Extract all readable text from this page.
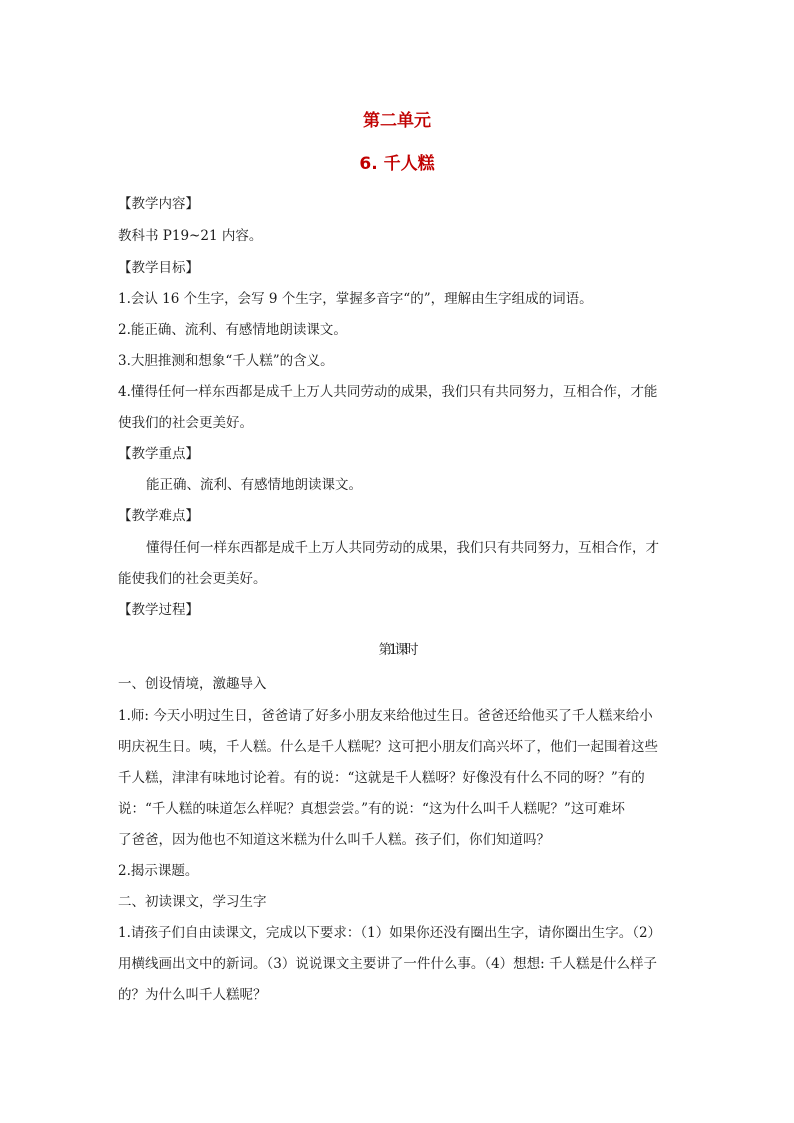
第二单元
6. 千人糕
【教学内容】
教科书 P19~21 内容。
【教学目标】
1.会认 16 个生字，会写 9 个生字，掌握多音字“的”，理解由生字组成的词语。
2.能正确、流利、有感情地朗读课文。
3.大胆推测和想象“千人糕”的含义。
4.懂得任何一样东西都是成千上万人共同劳动的成果，我们只有共同努力，互相合作，才能
使我们的社会更美好。
【教学重点】
能正确、流利、有感情地朗读课文。
【教学难点】
懂得任何一样东西都是成千上万人共同劳动的成果，我们只有共同努力，互相合作，才
能使我们的社会更美好。
【教学过程】
第1课时
一、创设情境，激趣导入
1.师: 今天小明过生日，爸爸请了好多小朋友来给他过生日。爸爸还给他买了千人糕来给小
明庆祝生日。咦，千人糕。什么是千人糕呢？这可把小朋友们高兴坏了，他们一起围着这些
千人糕，津津有味地讨论着。有的说：“这就是千人糕呀？好像没有什么不同的呀？”有的
说：“千人糕的味道怎么样呢？真想尝尝。”有的说：“这为什么叫千人糕呢？”这可难坏
了爸爸，因为他也不知道这米糕为什么叫千人糕。孩子们，你们知道吗？
2.揭示课题。
二、初读课文，学习生字
1.请孩子们自由读课文，完成以下要求：（1）如果你还没有圈出生字，请你圈出生字。（2）
用横线画出文中的新词。（3）说说课文主要讲了一件什么事。（4）想想: 千人糕是什么样子
的？为什么叫千人糕呢？
